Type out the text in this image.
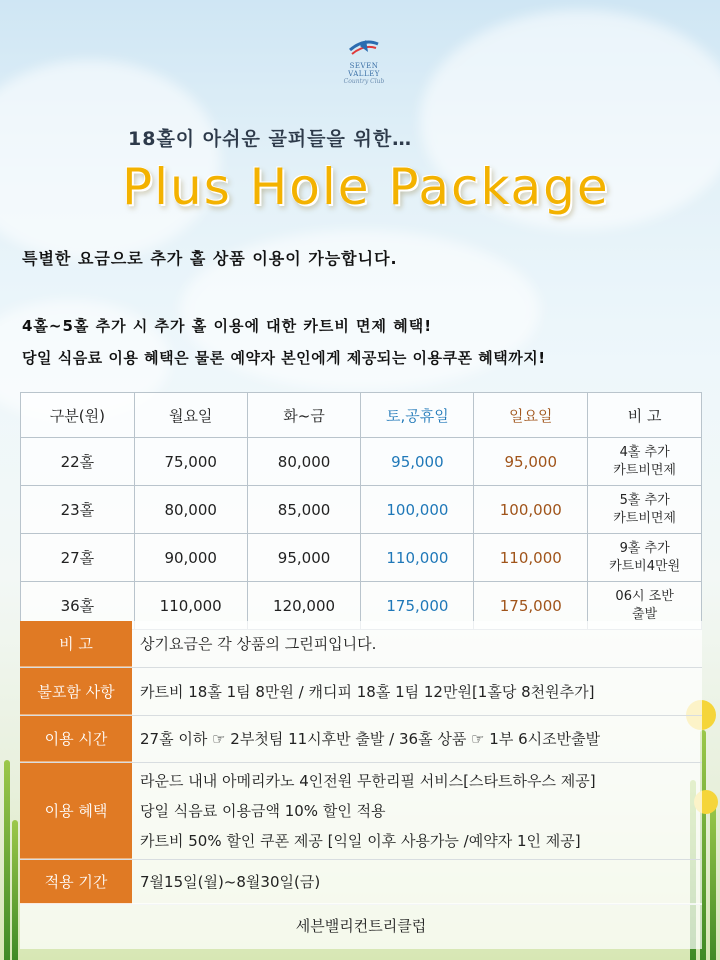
SEVEN VALLEY
Country Club
18홀이 아쉬운 골퍼들을 위한…
Plus Hole Package
특별한 요금으로 추가 홀 상품 이용이 가능합니다.
4홀~5홀 추가 시 추가 홀 이용에 대한 카트비 면제 혜택!
당일 식음료 이용 혜택은 물론 예약자 본인에게 제공되는 이용쿠폰 혜택까지!
구분(원)	월요일	화~금	토,공휴일	일요일	비 고
22홀	75,000	80,000	95,000	95,000	4홀 추가
카트비면제
23홀	80,000	85,000	100,000	100,000	5홀 추가
카트비면제
27홀	90,000	95,000	110,000	110,000	9홀 추가
카트비4만원
36홀	110,000	120,000	175,000	175,000	06시 조반
출발
비 고	상기요금은 각 상품의 그린피입니다.
불포함 사항	카트비 18홀 1팀 8만원 / 캐디피 18홀 1팀 12만원[1홀당 8천원추가]
이용 시간	27홀 이하 ☞ 2부첫팀 11시후반 출발 / 36홀 상품 ☞ 1부 6시조반출발
이용 혜택
라운드 내내 아메리카노 4인전원 무한리필 서비스[스타트하우스 제공]
당일 식음료 이용금액 10% 할인 적용
카트비 50% 할인 쿠폰 제공 [익일 이후 사용가능 /예약자 1인 제공]
적용 기간	7월15일(월)~8월30일(금)
세븐밸리컨트리클럽
